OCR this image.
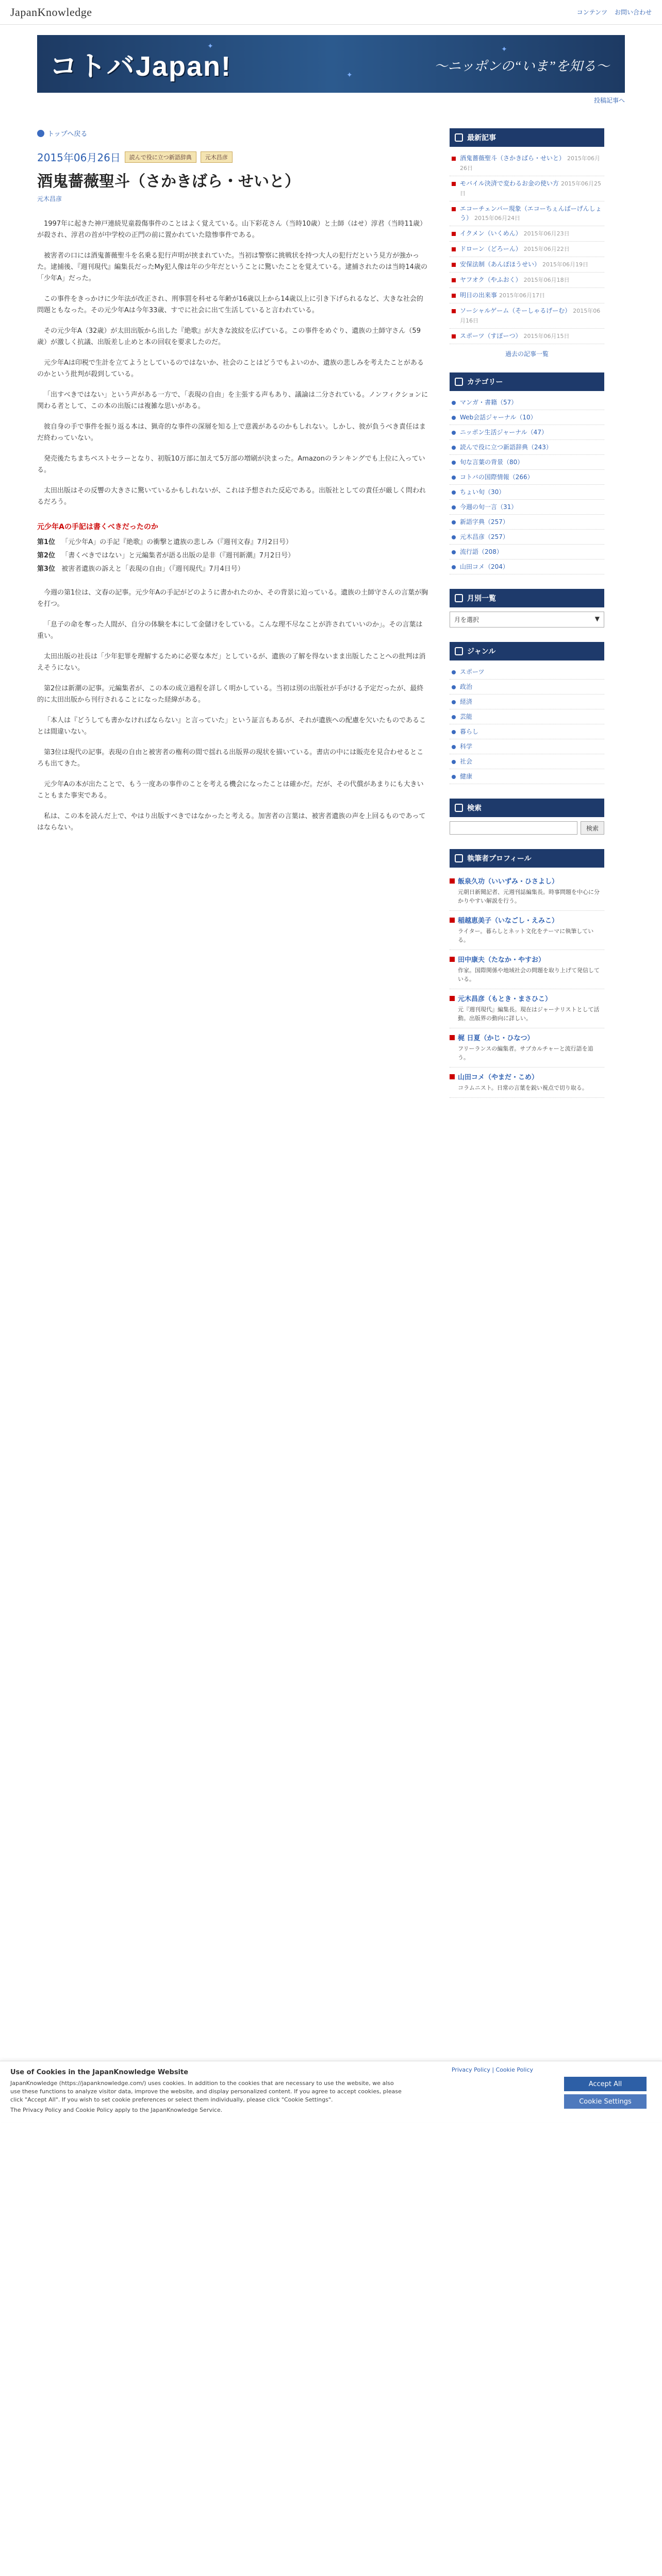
JapanKnowledge	コンテンツ お問い合わせ
✦
✦
✦
コトバJapan!	〜ニッポンの“いま”を知る〜
投稿記事へ
トップへ戻る
2015年06月26日	読んで役に立つ新語辞典	元木昌彦
酒鬼薔薇聖斗（さかきばら・せいと）
元木昌彦

1997年に起きた神戸連続児童殺傷事件のことはよく覚えている。山下彩花さん（当時10歳）と土師（はせ）淳君（当時11歳）が殺され、淳君の首が中学校の正門の前に置かれていた陰惨事件である。

被害者の口には酒鬼薔薇聖斗を名乗る犯行声明が挟まれていた。当初は警察に挑戦状を持つ大人の犯行だという見方が強かった。逮捕後、『週刊現代』編集長だったMy犯人像は年の少年だということに驚いたことを覚えている。逮捕されたのは当時14歳の「少年A」だった。

この事件をきっかけに少年法が改正され、刑事罰を科せる年齢が16歳以上から14歳以上に引き下げられるなど、大きな社会的問題ともなった。その元少年Aは今年33歳、すでに社会に出て生活していると言われている。

その元少年A（32歳）が太田出版から出した『絶歌』が大きな波紋を広げている。この事件をめぐり、遺族の土師守さん（59歳）が激しく抗議、出版差し止めと本の回収を要求したのだ。

元少年Aは印税で生計を立てようとしているのではないか、社会のことはどうでもよいのか、遺族の悲しみを考えたことがあるのかという批判が殺到している。

「出すべきではない」という声がある一方で、「表現の自由」を主張する声もあり、議論は二分されている。ノンフィクションに関わる者として、この本の出版には複雑な思いがある。

彼自身の手で事件を振り返る本は、猟奇的な事件の深層を知る上で意義があるのかもしれない。しかし、彼が負うべき責任はまだ終わっていない。

発売後たちまちベストセラーとなり、初版10万部に加えて5万部の増刷が決まった。Amazonのランキングでも上位に入っている。

太田出版はその反響の大きさに驚いているかもしれないが、これは予想された反応である。出版社としての責任が厳しく問われるだろう。

元少年Aの手記は書くべきだったのか
第1位 「元少年A」の手記『絶歌』の衝撃と遺族の悲しみ（『週刊文春』7月2日号）
第2位 「書くべきではない」と元編集者が語る出版の是非（『週刊新潮』7月2日号）
第3位 被害者遺族の訴えと「表現の自由」（『週刊現代』7月4日号）

今週の第1位は、文春の記事。元少年Aの手記がどのように書かれたのか、その背景に迫っている。遺族の土師守さんの言葉が胸を打つ。

「息子の命を奪った人間が、自分の体験を本にして金儲けをしている。こんな理不尽なことが許されていいのか」。その言葉は重い。

太田出版の社長は「少年犯罪を理解するために必要な本だ」としているが、遺族の了解を得ないまま出版したことへの批判は消えそうにない。

第2位は新潮の記事。元編集者が、この本の成立過程を詳しく明かしている。当初は別の出版社が手がける予定だったが、最終的に太田出版から刊行されることになった経緯がある。

「本人は『どうしても書かなければならない』と言っていた」という証言もあるが、それが遺族への配慮を欠いたものであることは間違いない。

第3位は現代の記事。表現の自由と被害者の権利の間で揺れる出版界の現状を描いている。書店の中には販売を見合わせるところも出てきた。

元少年Aの本が出たことで、もう一度あの事件のことを考える機会になったことは確かだ。だが、その代償があまりにも大きいこともまた事実である。

私は、この本を読んだ上で、やはり出版すべきではなかったと考える。加害者の言葉は、被害者遺族の声を上回るものであってはならない。

最新記事
酒鬼薔薇聖斗（さかきばら・せいと） 2015年06月26日
モバイル決済で変わるお金の使い方 2015年06月25日
エコーチェンバー現象（エコーちぇんばーげんしょう） 2015年06月24日
イクメン（いくめん） 2015年06月23日
ドローン（どろーん） 2015年06月22日
安保法制（あんぽほうせい） 2015年06月19日
ヤフオク（やふおく） 2015年06月18日
明日の出来事 2015年06月17日
ソーシャルゲーム（そーしゃるげーむ） 2015年06月16日
スポーツ（すぽーつ） 2015年06月15日
過去の記事一覧
カテゴリー
マンガ・書籍（57）
Web会話ジャーナル（10）
ニッポン生活ジャーナル（47）
読んで役に立つ新語辞典（243）
旬な言葉の背景（80）
コトバの国際情報（266）
ちょい旬（30）
今週の旬一言（31）
新語字典（257）
元木昌彦（257）
流行語（208）
山田コメ（204）
月別一覧
月を選択	▼
ジャンル
スポーツ
政治
経済
芸能
暮らし
科学
社会
健康
検索
検索
執筆者プロフィール
飯泉久功（いいずみ・ひさよし）
元朝日新聞記者、元週刊誌編集長。時事問題を中心に分かりやすい解説を行う。
稲越恵美子（いなごし・えみこ）
ライター。暮らしとネット文化をテーマに執筆している。
田中康夫（たなか・やすお）
作家。国際関係や地域社会の問題を取り上げて発信している。
元木昌彦（もとき・まさひこ）
元『週刊現代』編集長。現在はジャーナリストとして活動。出版界の動向に詳しい。
梶 日夏（かじ・ひなつ）
フリーランスの編集者。サブカルチャーと流行語を追う。
山田コメ（やまだ・こめ）
コラムニスト。日常の言葉を鋭い視点で切り取る。
Use of Cookies in the JapanKnowledge Website
JapanKnowledge (https://japanknowledge.com/) uses cookies. In addition to the cookies that are necessary to use the website, we also use these functions to analyze visitor data, improve the website, and display personalized content. If you agree to accept cookies, please click "Accept All". If you wish to set cookie preferences or select them individually, please click "Cookie Settings".
The Privacy Policy and Cookie Policy apply to the JapanKnowledge Service.
Privacy Policy | Cookie Policy
Accept All
Cookie Settings
